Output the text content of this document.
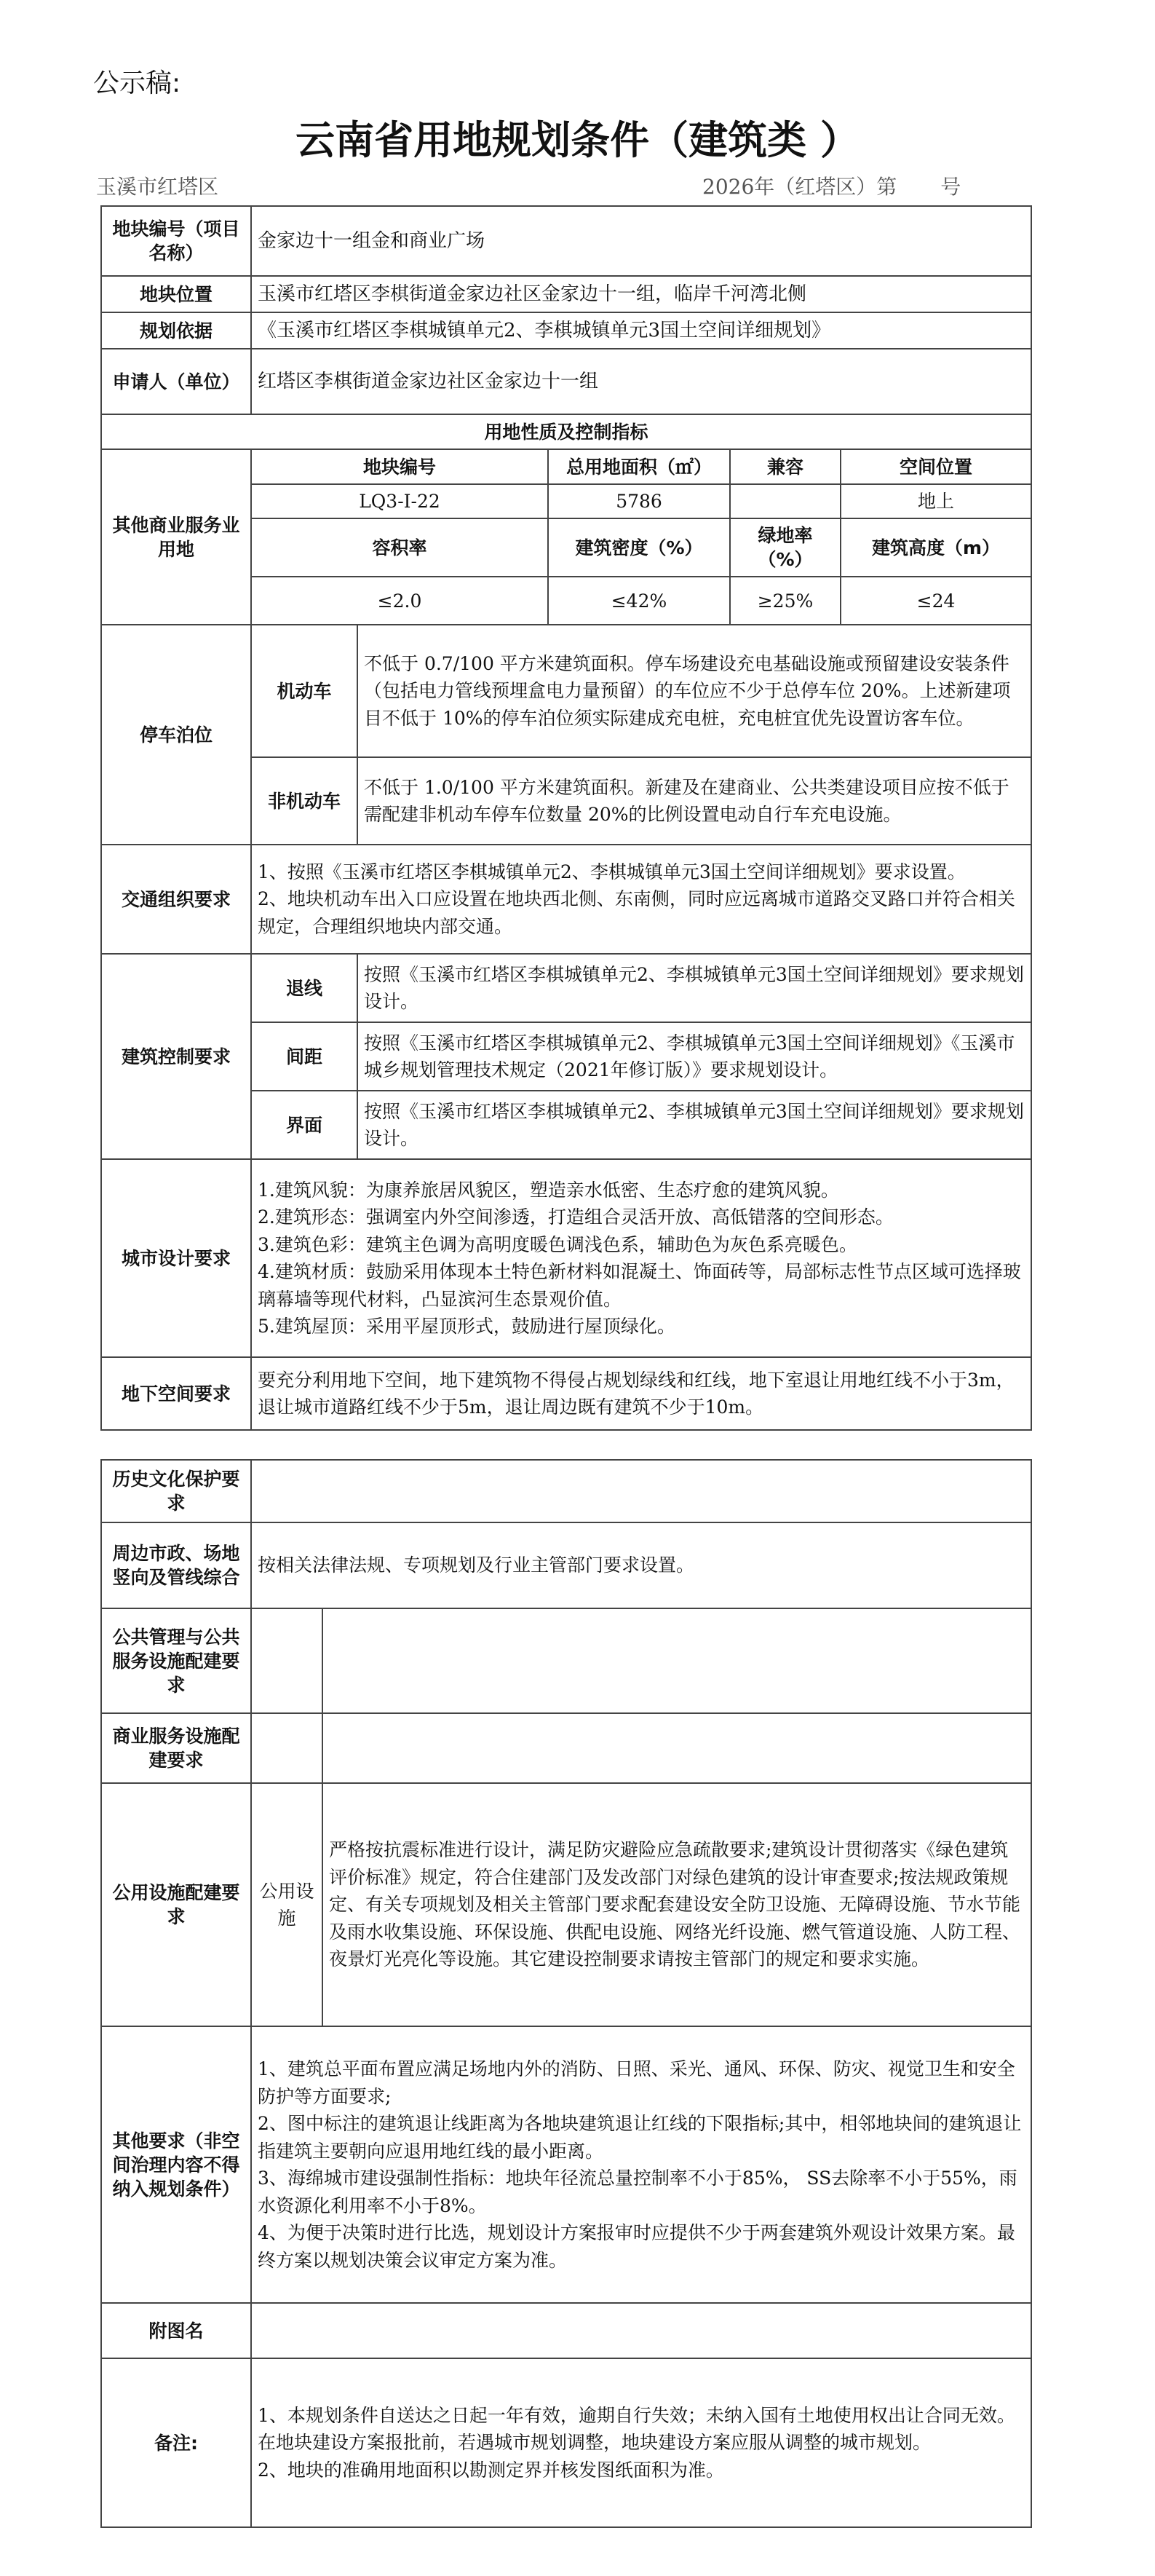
公示稿:
云南省用地规划条件（建筑类 ）
玉溪市红塔区	2026年（红塔区）第 号
地块编号（项目名称）	金家边十一组金和商业广场				
地块位置	玉溪市红塔区李棋街道金家边社区金家边十一组，临岸千河湾北侧				
规划依据	《玉溪市红塔区李棋城镇单元2、李棋城镇单元3国土空间详细规划》				
申请人（单位）	红塔区李棋街道金家边社区金家边十一组				
用地性质及控制指标					
其他商业服务业用地	地块编号		总用地面积（㎡）	兼容	空间位置
	LQ3-I-22		5786		地上
	容积率		建筑密度（%）	绿地率（%）	建筑高度（m）
	≤2.0		≤42%	≥25%	≤24
停车泊位	机动车	不低于 0.7/100 平方米建筑面积。停车场建设充电基础设施或预留建设安装条件（包括电力管线预埋盒电力量预留）的车位应不少于总停车位 20%。上述新建项目不低于 10%的停车泊位须实际建成充电桩，充电桩宜优先设置访客车位。			
	非机动车	不低于 1.0/100 平方米建筑面积。新建及在建商业、公共类建设项目应按不低于需配建非机动车停车位数量 20%的比例设置电动自行车充电设施。			
交通组织要求	1、按照《玉溪市红塔区李棋城镇单元2、李棋城镇单元3国土空间详细规划》要求设置。
2、地块机动车出入口应设置在地块西北侧、东南侧，同时应远离城市道路交叉路口并符合相关规定，合理组织地块内部交通。				

建筑控制要求	退线	按照《玉溪市红塔区李棋城镇单元2、李棋城镇单元3国土空间详细规划》要求规划设计。			
	间距	按照《玉溪市红塔区李棋城镇单元2、李棋城镇单元3国土空间详细规划》《玉溪市城乡规划管理技术规定（2021年修订版）》要求规划设计。			
	界面	按照《玉溪市红塔区李棋城镇单元2、李棋城镇单元3国土空间详细规划》要求规划设计。			
城市设计要求	1.建筑风貌：为康养旅居风貌区，塑造亲水低密、生态疗愈的建筑风貌。
2.建筑形态：强调室内外空间渗透，打造组合灵活开放、高低错落的空间形态。
3.建筑色彩：建筑主色调为高明度暖色调浅色系，辅助色为灰色系亮暖色。
4.建筑材质：鼓励采用体现本土特色新材料如混凝土、饰面砖等，局部标志性节点区域可选择玻璃幕墙等现代材料，凸显滨河生态景观价值。
5.建筑屋顶：采用平屋顶形式，鼓励进行屋顶绿化。				

地下空间要求	要充分利用地下空间，地下建筑物不得侵占规划绿线和红线，地下室退让用地红线不小于3m，退让城市道路红线不少于5m，退让周边既有建筑不少于10m。				
历史文化保护要求		
周边市政、场地竖向及管线综合	按相关法律法规、专项规划及行业主管部门要求设置。	
公共管理与公共服务设施配建要求		
商业服务设施配建要求		
公用设施配建要求	公用设施	严格按抗震标准进行设计，满足防灾避险应急疏散要求;建筑设计贯彻落实《绿色建筑评价标准》规定，符合住建部门及发改部门对绿色建筑的设计审查要求;按法规政策规定、有关专项规划及相关主管部门要求配套建设安全防卫设施、无障碍设施、节水节能及雨水收集设施、环保设施、供配电设施、网络光纤设施、燃气管道设施、人防工程、夜景灯光亮化等设施。其它建设控制要求请按主管部门的规定和要求实施。
其他要求（非空间治理内容不得纳入规划条件）	1、建筑总平面布置应满足场地内外的消防、日照、采光、通风、环保、防灾、视觉卫生和安全防护等方面要求;
2、图中标注的建筑退让线距离为各地块建筑退让红线的下限指标;其中，相邻地块间的建筑退让指建筑主要朝向应退用地红线的最小距离。
3、海绵城市建设强制性指标：地块年径流总量控制率不小于85%， SS去除率不小于55%，雨水资源化利用率不小于8%。
4、为便于决策时进行比选，规划设计方案报审时应提供不少于两套建筑外观设计效果方案。最终方案以规划决策会议审定方案为准。	

附图名		
备注:	1、本规划条件自送达之日起一年有效，逾期自行失效；未纳入国有土地使用权出让合同无效。在地块建设方案报批前，若遇城市规划调整，地块建设方案应服从调整的城市规划。
2、地块的准确用地面积以勘测定界并核发图纸面积为准。	
